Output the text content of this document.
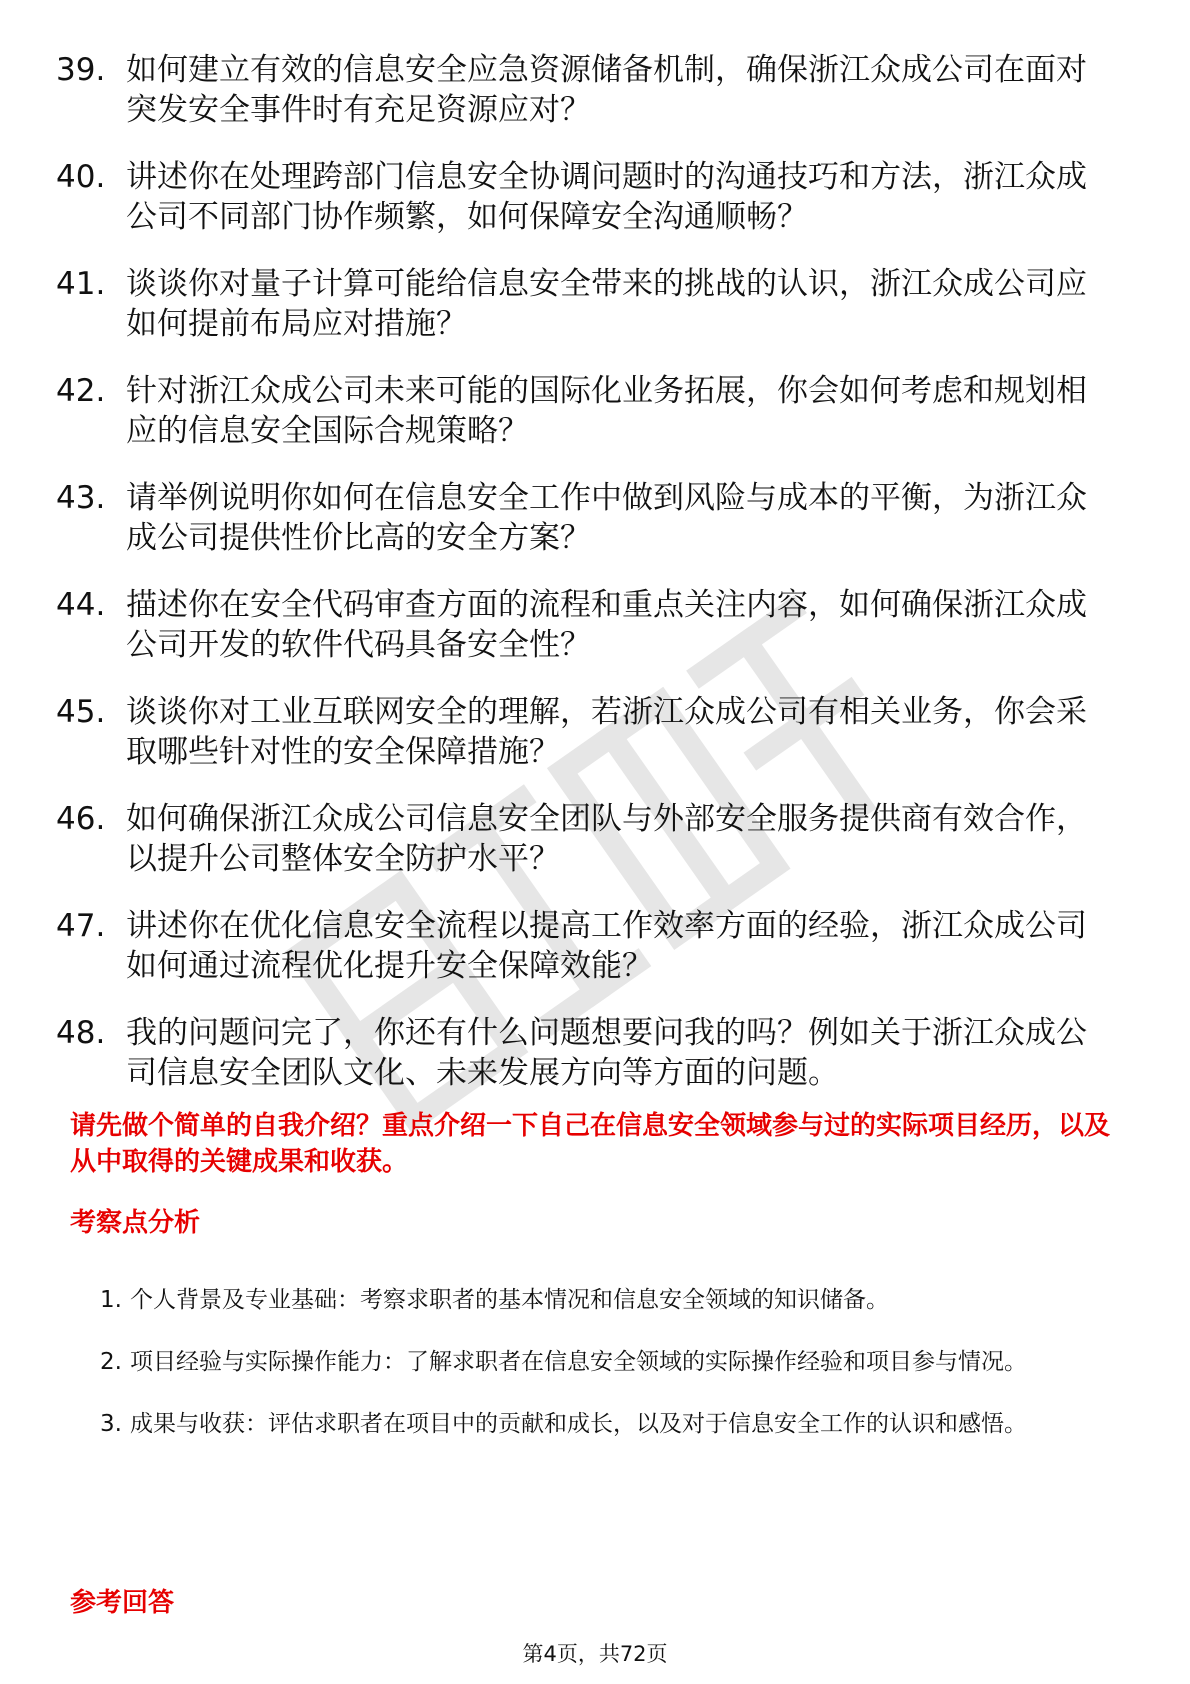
39. 如何建立有效的信息安全应急资源储备机制，确保浙江众成公司在面对突发安全事件时有充足资源应对？
40. 讲述你在处理跨部门信息安全协调问题时的沟通技巧和方法，浙江众成公司不同部门协作频繁，如何保障安全沟通顺畅？
41. 谈谈你对量子计算可能给信息安全带来的挑战的认识，浙江众成公司应如何提前布局应对措施？
42. 针对浙江众成公司未来可能的国际化业务拓展，你会如何考虑和规划相应的信息安全国际合规策略？
43. 请举例说明你如何在信息安全工作中做到风险与成本的平衡，为浙江众成公司提供性价比高的安全方案？
44. 描述你在安全代码审查方面的流程和重点关注内容，如何确保浙江众成公司开发的软件代码具备安全性？
45. 谈谈你对工业互联网安全的理解，若浙江众成公司有相关业务，你会采取哪些针对性的安全保障措施？
46. 如何确保浙江众成公司信息安全团队与外部安全服务提供商有效合作，以提升公司整体安全防护水平？
47. 讲述你在优化信息安全流程以提高工作效率方面的经验，浙江众成公司如何通过流程优化提升安全保障效能？
48. 我的问题问完了，你还有什么问题想要问我的吗？例如关于浙江众成公司信息安全团队文化、未来发展方向等方面的问题。

请先做个简单的自我介绍？重点介绍一下自己在信息安全领域参与过的实际项目经历，以及从中取得的关键成果和收获。

考察点分析
1. 个人背景及专业基础：考察求职者的基本情况和信息安全领域的知识储备。
2. 项目经验与实际操作能力：了解求职者在信息安全领域的实际操作经验和项目参与情况。
3. 成果与收获：评估求职者在项目中的贡献和成长，以及对于信息安全工作的认识和感悟。
参考回答
第4页，共72页
